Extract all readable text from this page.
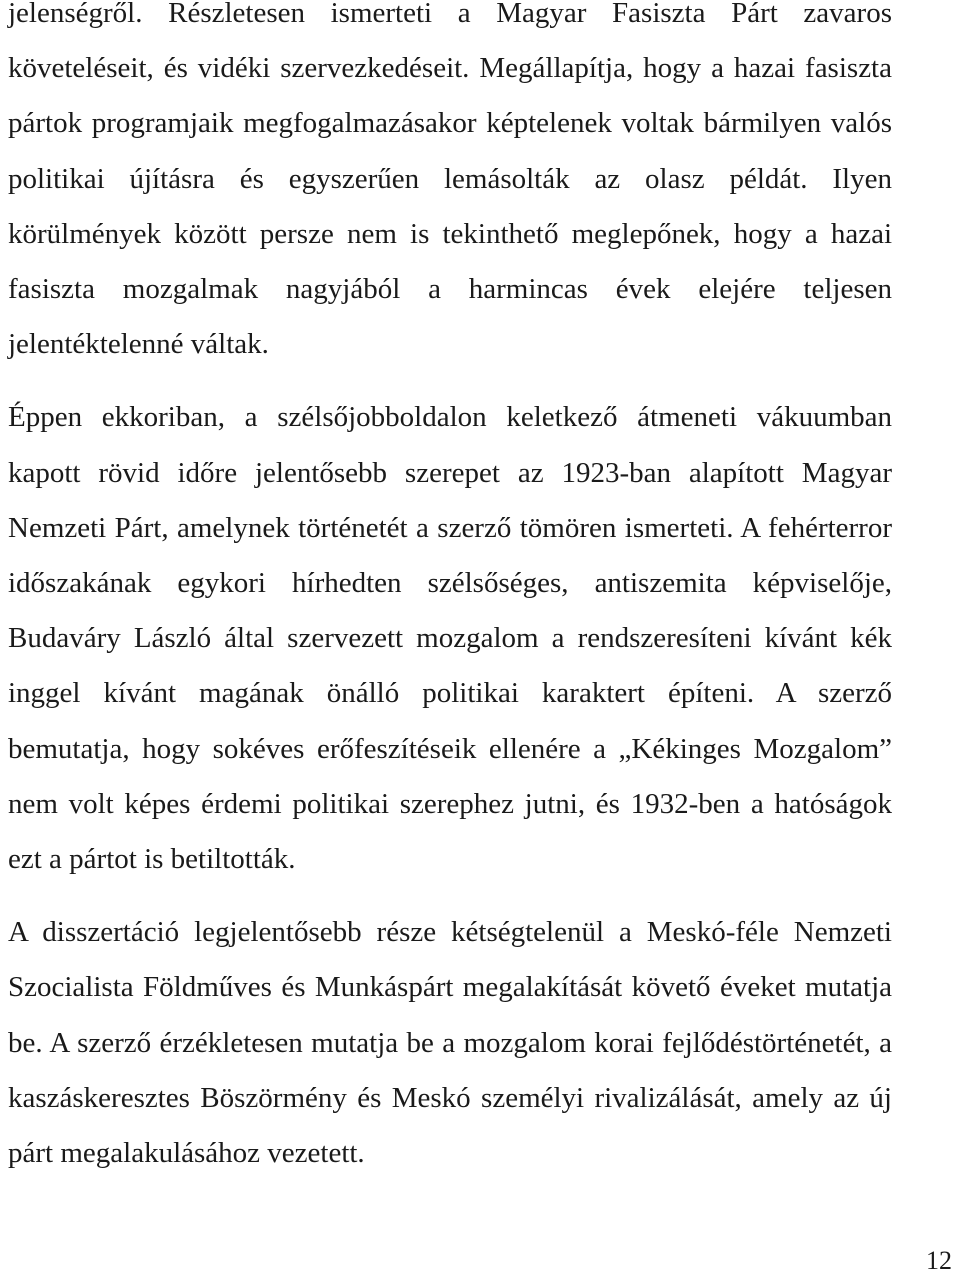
jelenségről. Részletesen ismerteti a Magyar Fasiszta Párt zavaros követeléseit, és vidéki szervezkedéseit. Megállapítja, hogy a hazai fasiszta pártok programjaik megfogalmazásakor képtelenek voltak bármilyen valós politikai újításra és egyszerűen lemásolták az olasz példát. Ilyen körülmények között persze nem is tekinthető meglepőnek, hogy a hazai fasiszta mozgalmak nagyjából a harmincas évek elejére teljesen jelentéktelenné váltak.

Éppen ekkoriban, a szélsőjobboldalon keletkező átmeneti vákuumban kapott rövid időre jelentősebb szerepet az 1923-ban alapított Magyar Nemzeti Párt, amelynek történetét a szerző tömören ismerteti. A fehérterror időszakának egykori hírhedten szélsőséges, antiszemita képviselője, Budaváry László által szervezett mozgalom a rendszeresíteni kívánt kék inggel kívánt magának önálló politikai karaktert építeni. A szerző bemutatja, hogy sokéves erőfeszítéseik ellenére a „Kékinges Mozgalom” nem volt képes érdemi politikai szerephez jutni, és 1932-ben a hatóságok ezt a pártot is betiltották.

A disszertáció legjelentősebb része kétségtelenül a Meskó-féle Nemzeti Szocialista Földműves és Munkáspárt megalakítását követő éveket mutatja be. A szerző érzékletesen mutatja be a mozgalom korai fejlődéstörténetét, a kaszáskeresztes Böszörmény és Meskó személyi rivalizálását, amely az új párt megalakulásához vezetett.

12
